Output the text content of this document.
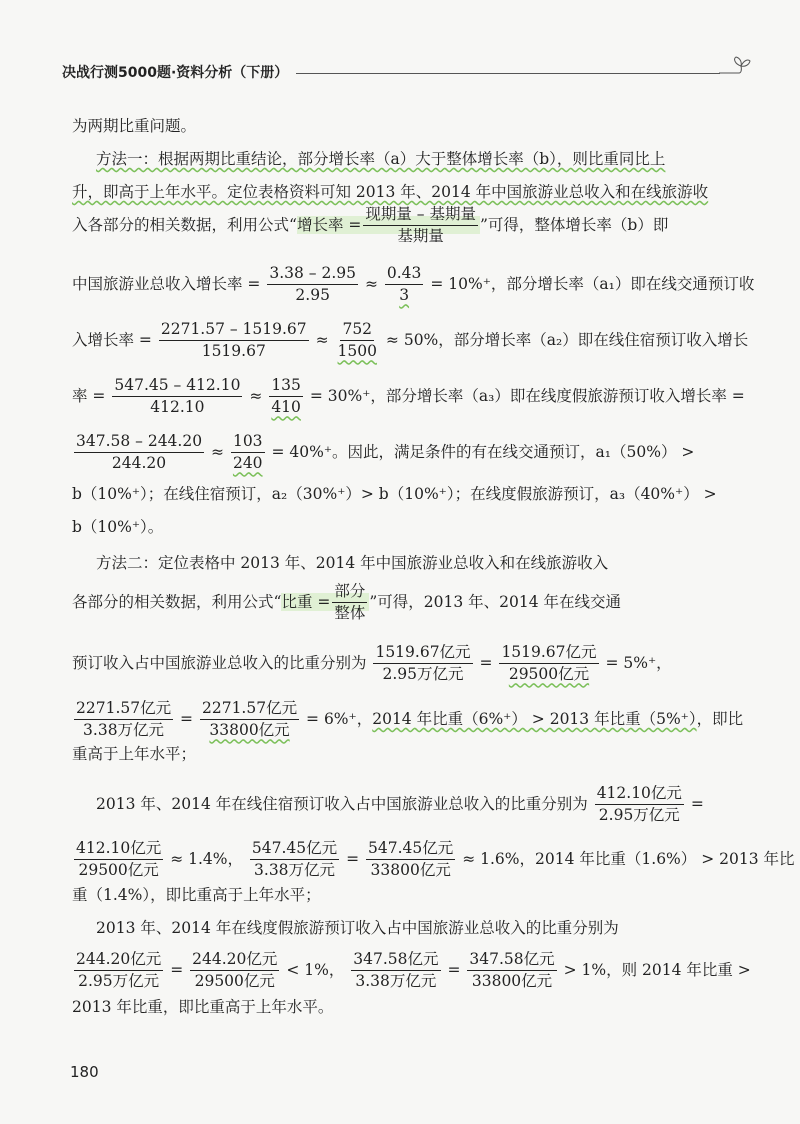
决战行测5000题·资料分析（下册）
为两期比重问题。
方法一：根据两期比重结论，部分增长率（a）大于整体增长率（b），则比重同比上
升，即高于上年水平。定位表格资料可知 2013 年、2014 年中国旅游业总收入和在线旅游收
入各部分的相关数据，利用公式“增长率 = $\frac{\text{现期量 – 基期量}}{\text{基期量}}$ ”可得，整体增长率（b）即
中国旅游业总收入增长率 = $\frac{3.38 - 2.95}{2.95} \approx \frac{0.43}{3} = 10\%^+$，部分增长率（a₁）即在线交通预订收
入增长率 = $\frac{2271.57 - 1519.67}{1519.67} \approx \frac{752}{1500} \approx 50\%$，部分增长率（a₂）即在线住宿预订收入增长
率 = $\frac{547.45 - 412.10}{412.10} \approx \frac{135}{410} = 30\%^+$，部分增长率（a₃）即在线度假旅游预订收入增长率 =
$\frac{347.58 - 244.20}{244.20} \approx \frac{103}{240} = 40\%^+$。因此，满足条件的有在线交通预订，a₁（50%） >
b（10%⁺）；在线住宿预订，a₂（30%⁺）> b（10%⁺）；在线度假旅游预订，a₃（40%⁺） >
b（10%⁺）。
方法二：定位表格中 2013 年、2014 年中国旅游业总收入和在线旅游收入
各部分的相关数据，利用公式“比重 = $\frac{\text{部分}}{\text{整体}}$ ”可得，2013 年、2014 年在线交通
预订收入占中国旅游业总收入的比重分别为 $\frac{\text{1519.67亿元}}{\text{2.95万亿元}} = \frac{\text{1519.67亿元}}{\text{29500亿元}} = 5\%^+$，
$\frac{\text{2271.57亿元}}{\text{3.38万亿元}} = \frac{\text{2271.57亿元}}{\text{33800亿元}} = 6\%^+$，2014 年比重（6%⁺） > 2013 年比重（5%⁺），即比
重高于上年水平；
2013 年、2014 年在线住宿预订收入占中国旅游业总收入的比重分别为 $\frac{\text{412.10亿元}}{\text{2.95万亿元}}$ =
$\frac{\text{412.10亿元}}{\text{29500亿元}} \approx 1.4\%$， $\frac{\text{547.45亿元}}{\text{3.38万亿元}} = \frac{\text{547.45亿元}}{\text{33800亿元}} \approx 1.6\%$，2014 年比重（1.6%） > 2013 年比
重（1.4%），即比重高于上年水平；
2013 年、2014 年在线度假旅游预订收入占中国旅游业总收入的比重分别为
$\frac{\text{244.20亿元}}{\text{2.95万亿元}} = \frac{\text{244.20亿元}}{\text{29500亿元}} < 1\%$， $\frac{\text{347.58亿元}}{\text{3.38万亿元}} = \frac{\text{347.58亿元}}{\text{33800亿元}} > 1\%$，则 2014 年比重 >
2013 年比重，即比重高于上年水平。
180
